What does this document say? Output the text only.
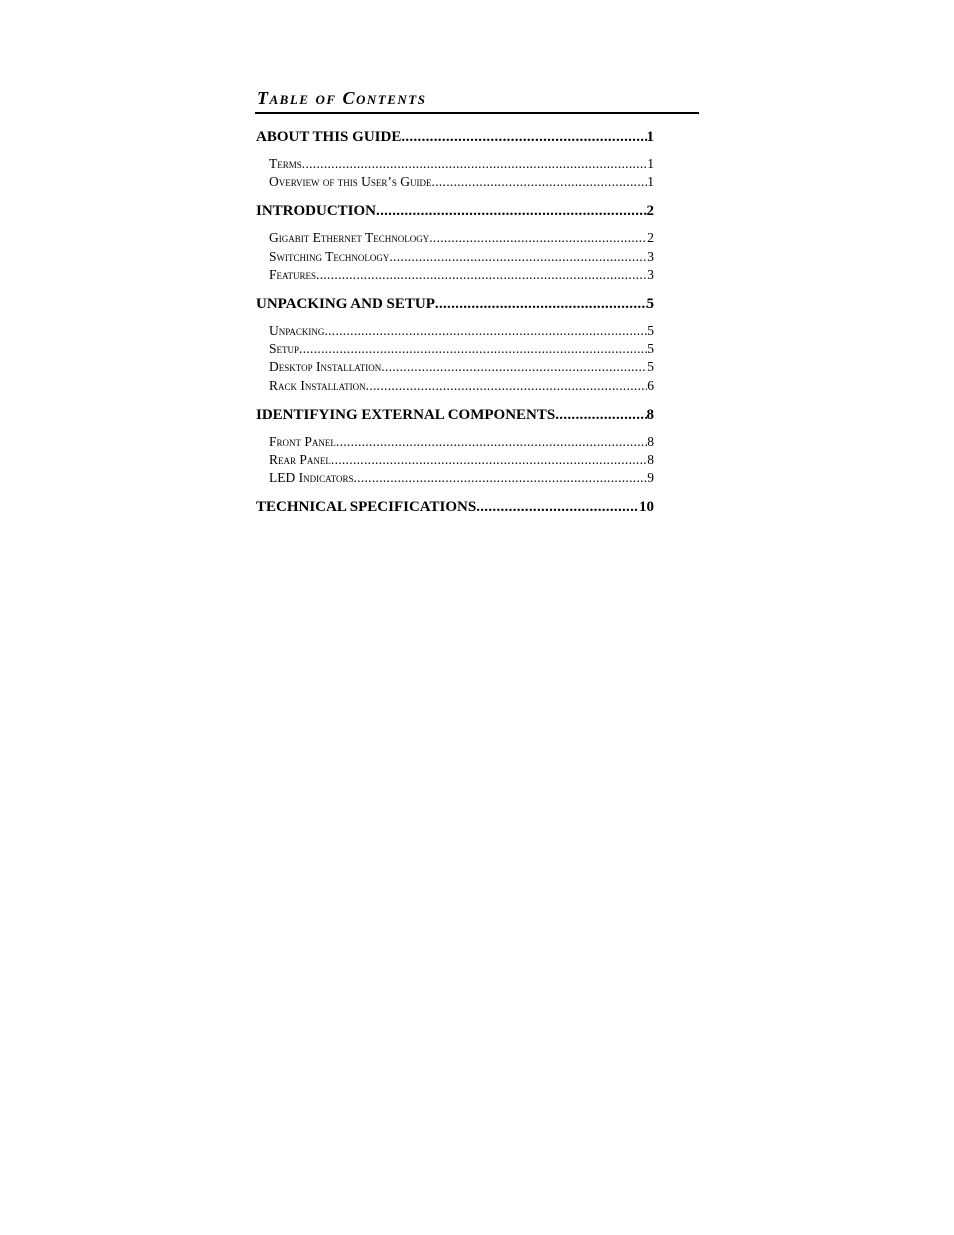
Table of Contents
ABOUT THIS GUIDE .....	1
Terms .....	1
Overview of this User’s Guide .....	1
INTRODUCTION .....	2
Gigabit Ethernet Technology .....	2
Switching Technology .....	3
Features .....	3
UNPACKING AND SETUP .....	5
Unpacking .....	5
Setup .....	5
Desktop Installation .....	5
Rack Installation .....	6
IDENTIFYING EXTERNAL COMPONENTS .....	8
Front Panel .....	8
Rear Panel .....	8
LED Indicators .....	9
TECHNICAL SPECIFICATIONS .....	10
